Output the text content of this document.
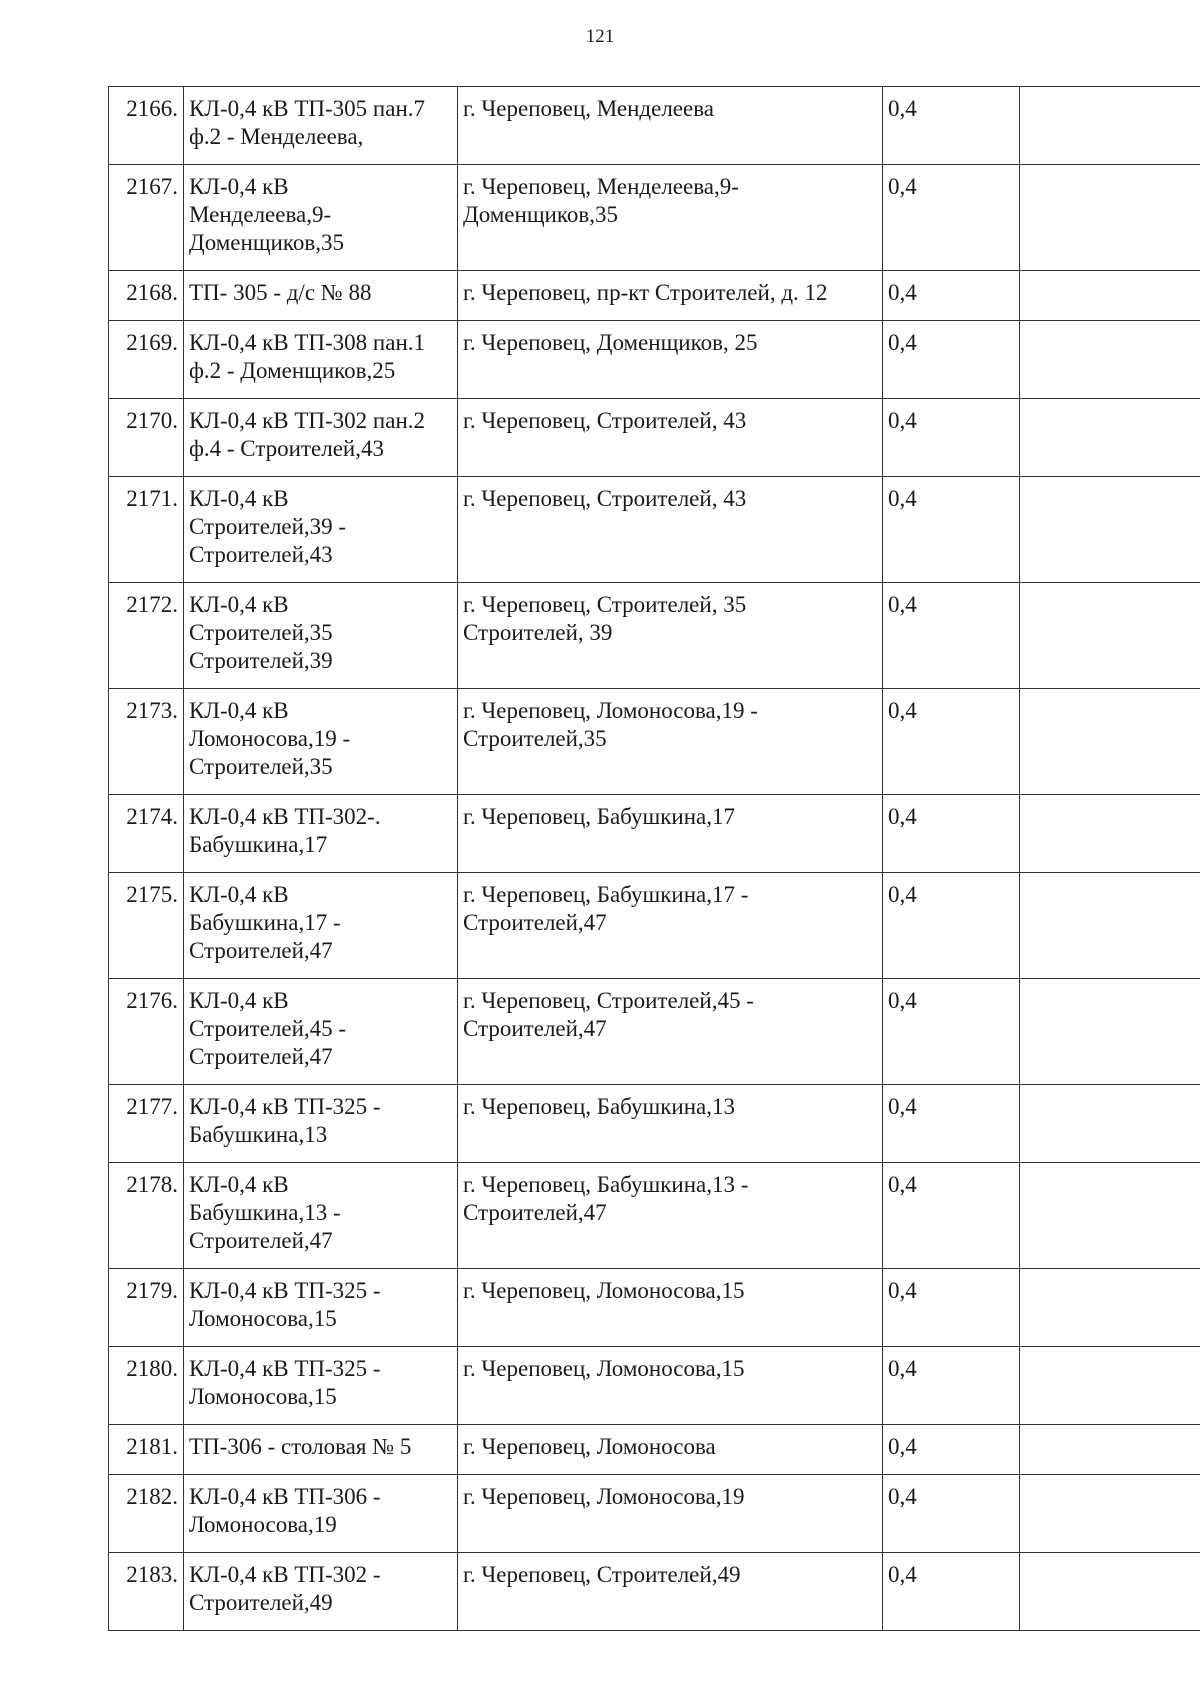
121
2166.	КЛ-0,4 кВ ТП-305 пан.7
ф.2 - Менделеева,	г. Череповец, Менделеева	0,4	
2167.	КЛ-0,4 кВ
Менделеева,9-
Доменщиков,35	г. Череповец, Менделеева,9-
Доменщиков,35	0,4	
2168.	ТП- 305 - д/с № 88	г. Череповец, пр-кт Строителей, д. 12	0,4	
2169.	КЛ-0,4 кВ ТП-308 пан.1
ф.2 - Доменщиков,25	г. Череповец, Доменщиков, 25	0,4	
2170.	КЛ-0,4 кВ ТП-302 пан.2
ф.4 - Строителей,43	г. Череповец, Строителей, 43	0,4	
2171.	КЛ-0,4 кВ
Строителей,39 -
Строителей,43	г. Череповец, Строителей, 43	0,4	
2172.	КЛ-0,4 кВ
Строителей,35
Строителей,39	г. Череповец, Строителей, 35
Строителей, 39	0,4	
2173.	КЛ-0,4 кВ
Ломоносова,19 -
Строителей,35	г. Череповец, Ломоносова,19 -
Строителей,35	0,4	
2174.	КЛ-0,4 кВ ТП-302-.
Бабушкина,17	г. Череповец, Бабушкина,17	0,4	
2175.	КЛ-0,4 кВ
Бабушкина,17 -
Строителей,47	г. Череповец, Бабушкина,17 -
Строителей,47	0,4	
2176.	КЛ-0,4 кВ
Строителей,45 -
Строителей,47	г. Череповец, Строителей,45 -
Строителей,47	0,4	
2177.	КЛ-0,4 кВ ТП-325 -
Бабушкина,13	г. Череповец, Бабушкина,13	0,4	
2178.	КЛ-0,4 кВ
Бабушкина,13 -
Строителей,47	г. Череповец, Бабушкина,13 -
Строителей,47	0,4	
2179.	КЛ-0,4 кВ ТП-325 -
Ломоносова,15	г. Череповец, Ломоносова,15	0,4	
2180.	КЛ-0,4 кВ ТП-325 -
Ломоносова,15	г. Череповец, Ломоносова,15	0,4	
2181.	ТП-306 - столовая № 5	г. Череповец, Ломоносова	0,4	
2182.	КЛ-0,4 кВ ТП-306 -
Ломоносова,19	г. Череповец, Ломоносова,19	0,4	
2183.	КЛ-0,4 кВ ТП-302 -
Строителей,49	г. Череповец, Строителей,49	0,4	
